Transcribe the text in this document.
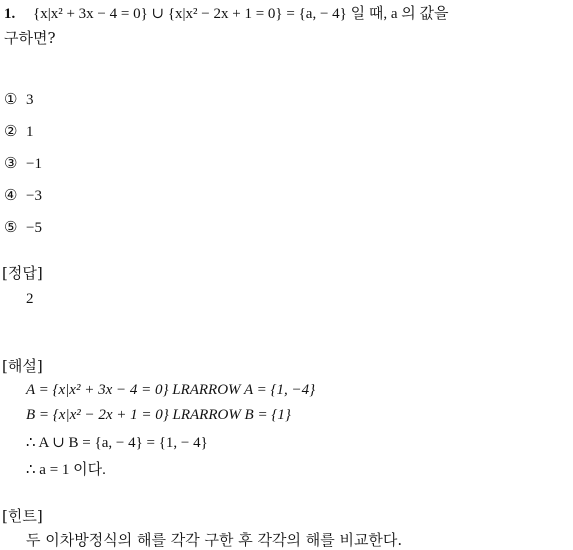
1. {x|x² + 3x − 4 = 0} ∪ {x|x² − 2x + 1 = 0} = {a, − 4} 일 때, a 의 값을
구하면?
① 3
② 1
③ −1
④ −3
⑤ −5
[정답]
2
[해설]
A = {x|x² + 3x − 4 = 0} LRARROW A = {1, −4}
B = {x|x² − 2x + 1 = 0} LRARROW B = {1}
∴ A ∪ B = {a, − 4} = {1, − 4}
∴ a = 1 이다.
[힌트]
두 이차방정식의 해를 각각 구한 후 각각의 해를 비교한다.
